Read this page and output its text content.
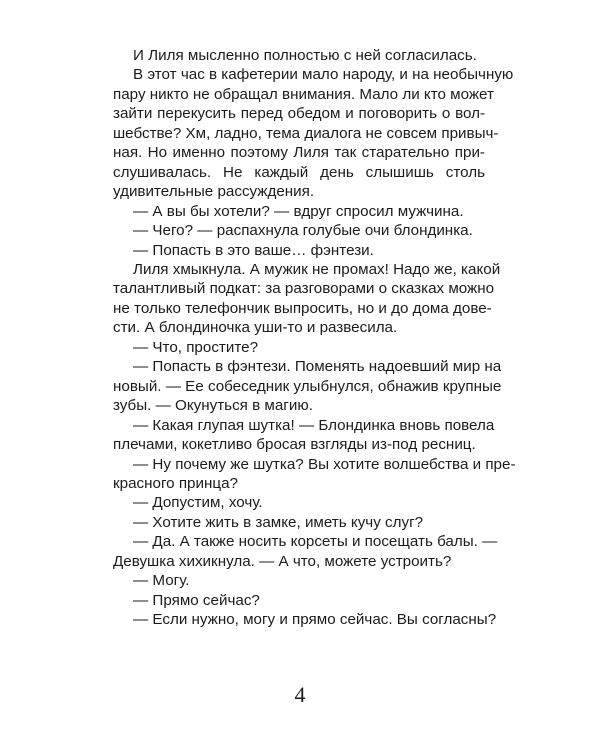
И Лиля мысленно полностью с ней согласилась.

В этот час в кафетерии мало народу, и на необычную
пару никто не обращал внимания. Мало ли кто может
зайти перекусить перед обедом и поговорить о вол-
шебстве? Хм, ладно, тема диалога не совсем привыч-
ная. Но именно поэтому Лиля так старательно при-
слушивалась. Не каждый день слышишь столь
удивительные рассуждения.

— А вы бы хотели? — вдруг спросил мужчина.

— Чего? — распахнула голубые очи блондинка.

— Попасть в это ваше… фэнтези.

Лиля хмыкнула. А мужик не промах! Надо же, какой
талантливый подкат: за разговорами о сказках можно
не только телефончик выпросить, но и до дома дове-
сти. А блондиночка уши-то и развесила.

— Что, простите?

— Попасть в фэнтези. Поменять надоевший мир на
новый. — Ее собеседник улыбнулся, обнажив крупные
зубы. — Окунуться в магию.

— Какая глупая шутка! — Блондинка вновь повела
плечами, кокетливо бросая взгляды из-под ресниц.

— Ну почему же шутка? Вы хотите волшебства и пре-
красного принца?

— Допустим, хочу.

— Хотите жить в замке, иметь кучу слуг?

— Да. А также носить корсеты и посещать балы. —
Девушка хихикнула. — А что, можете устроить?

— Могу.

— Прямо сейчас?

— Если нужно, могу и прямо сейчас. Вы согласны?

4
